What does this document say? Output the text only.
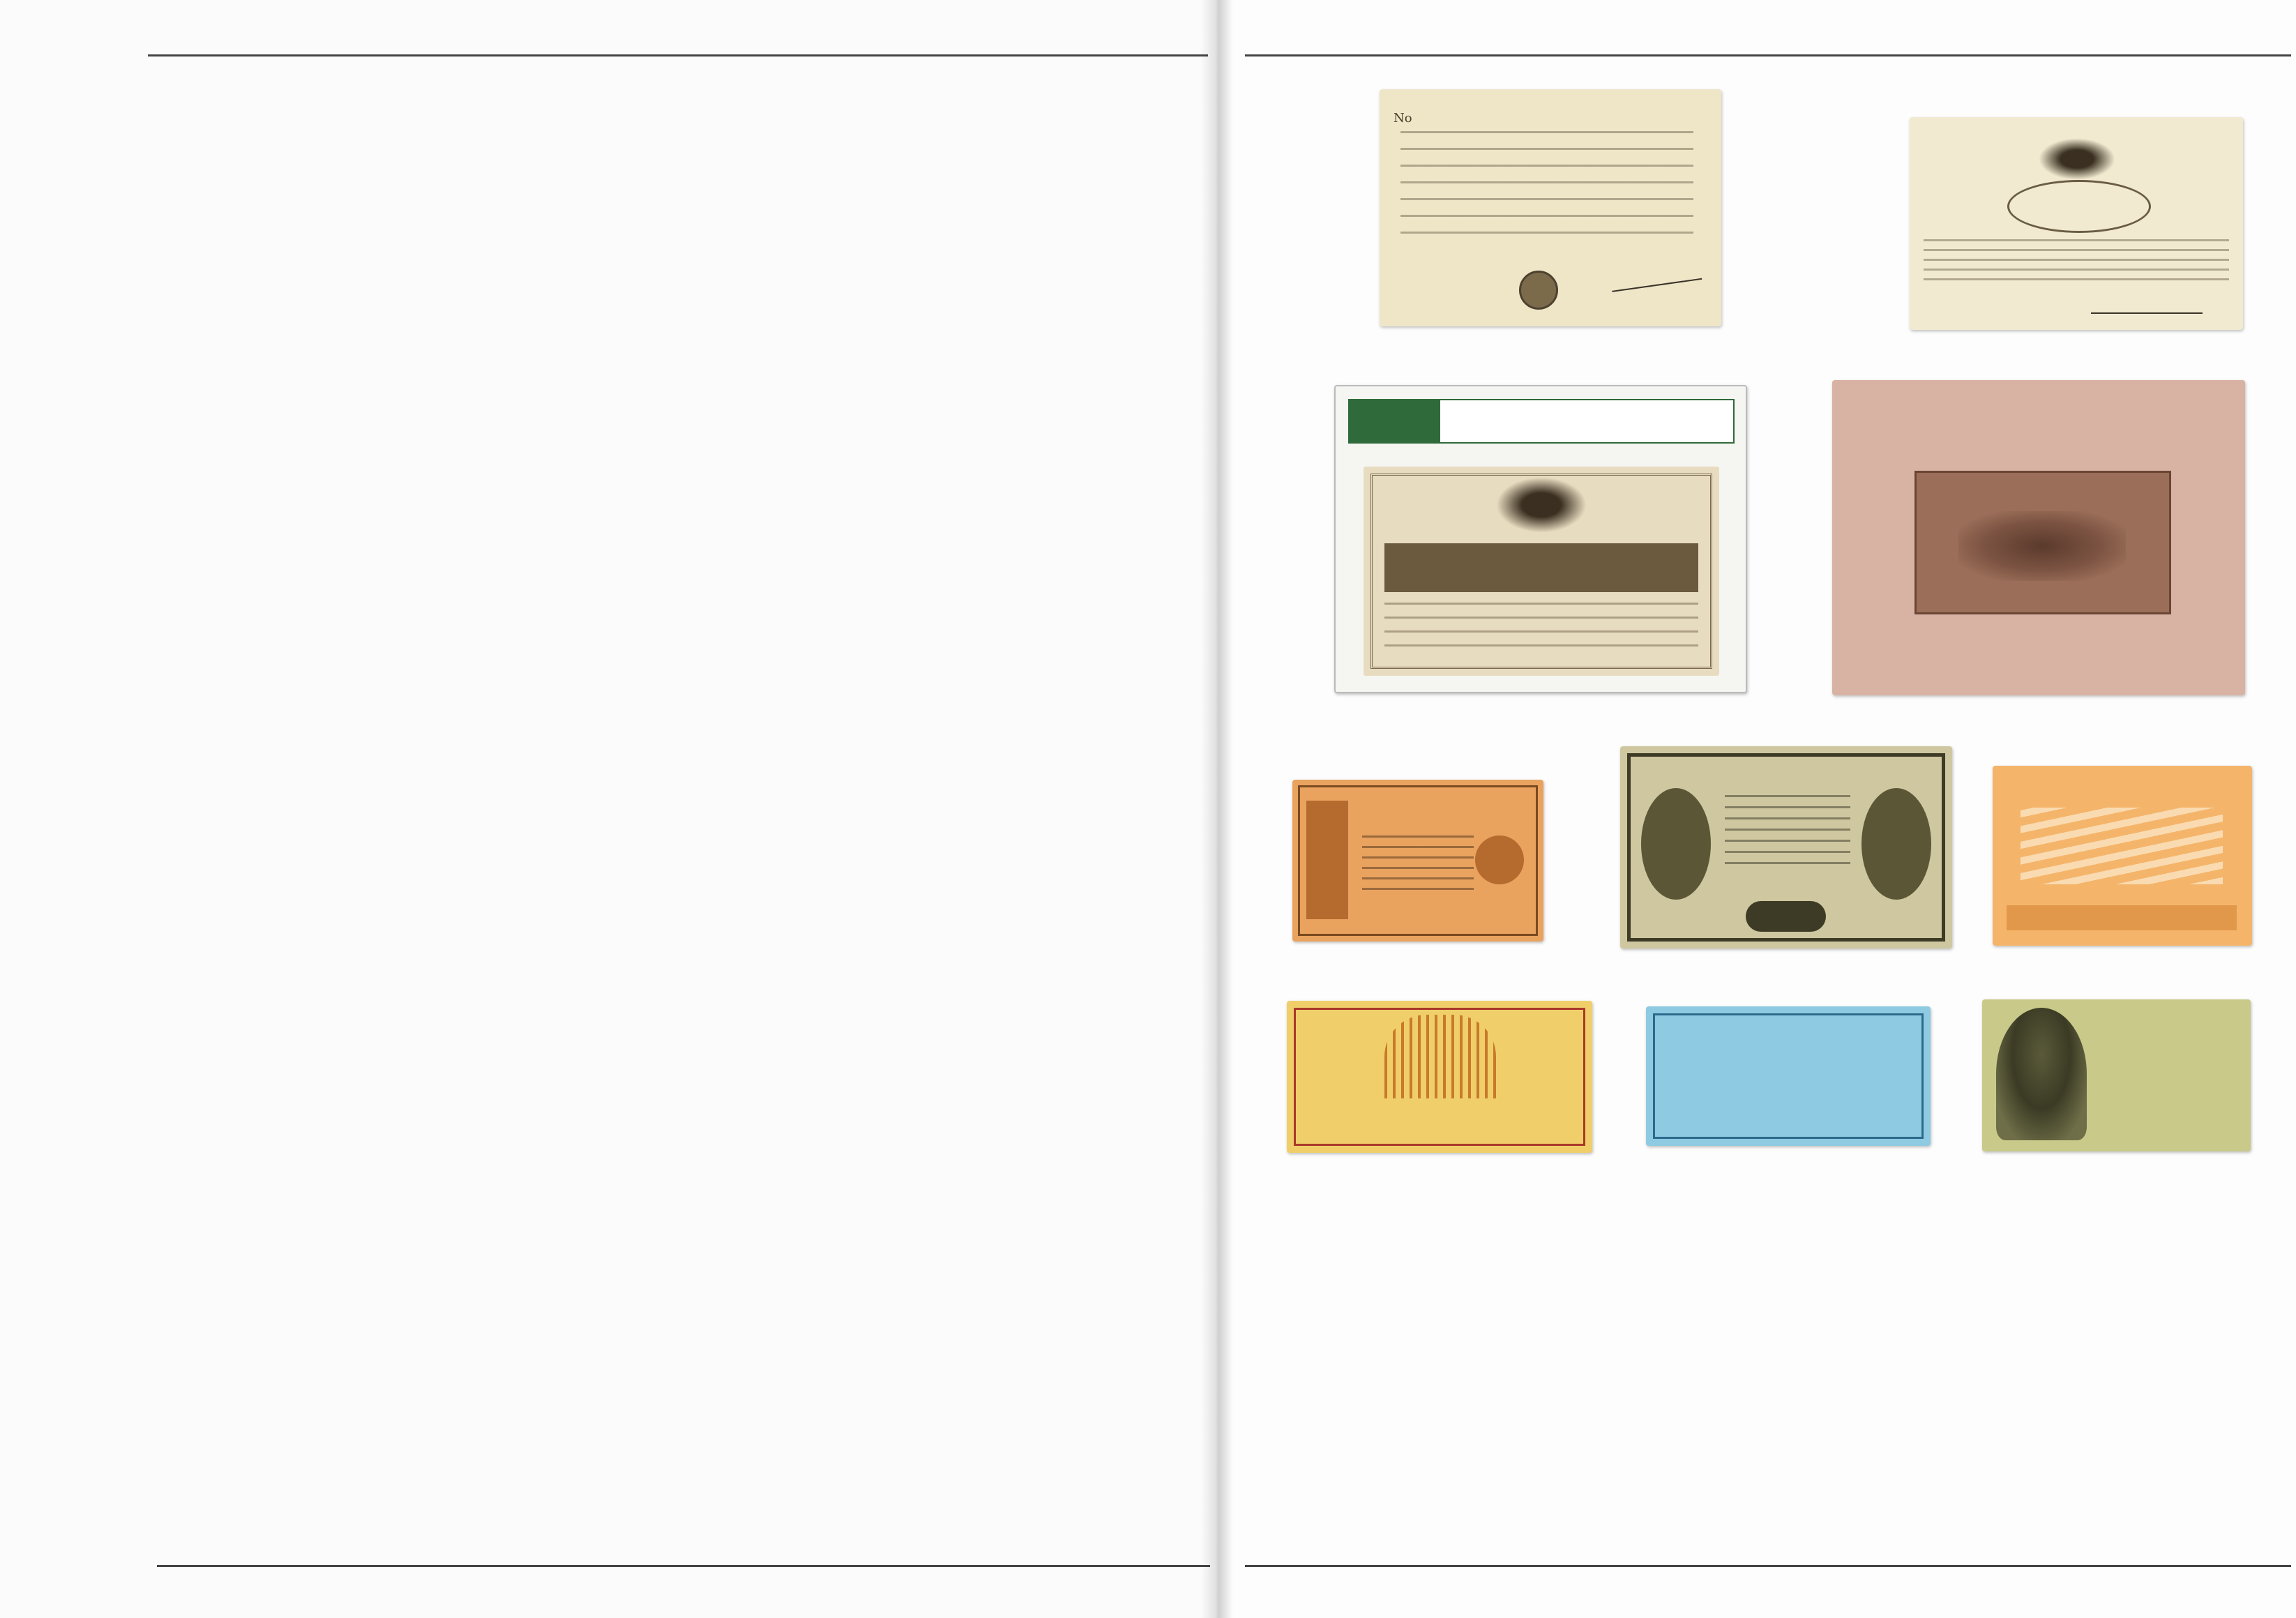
No
